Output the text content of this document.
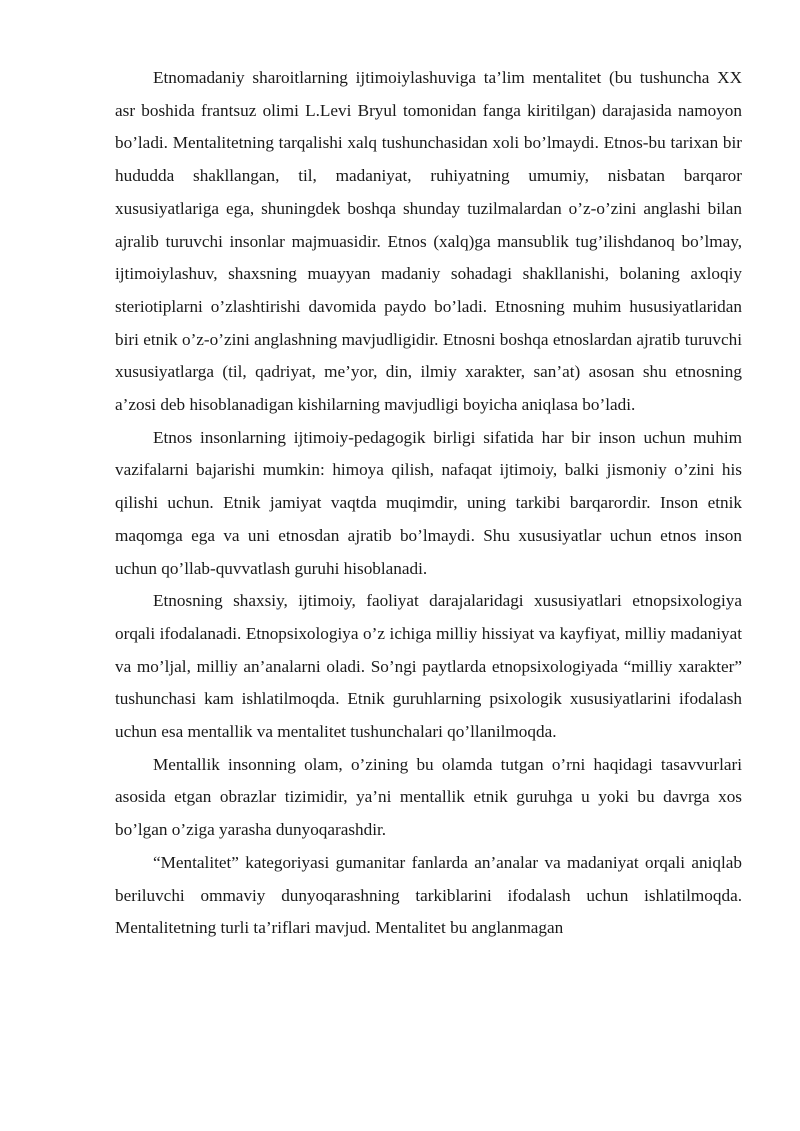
Etnomadaniy sharoitlarning ijtimoiylashuviga ta’lim mentalitet (bu tushuncha XX asr boshida frantsuz olimi L.Levi Bryul tomonidan fanga kiritilgan) darajasida namoyon bo’ladi. Mentalitetning tarqalishi xalq tushunchasidan xoli bo’lmaydi. Etnos-bu tarixan bir hududda shakllangan, til, madaniyat, ruhiyatning umumiy, nisbatan barqaror xususiyatlariga ega, shuningdek boshqa shunday tuzilmalardan o’z-o’zini anglashi bilan ajralib turuvchi insonlar majmuasidir. Etnos (xalq)ga mansublik tug’ilishdanoq bo’lmay, ijtimoiylashuv, shaxsning muayyan madaniy sohadagi shakllanishi, bolaning axloqiy steriotiplarni o’zlashtirishi davomida paydo bo’ladi. Etnosning muhim hususiyatlaridan biri etnik o’z-o’zini anglashning mavjudligidir. Etnosni boshqa etnoslardan ajratib turuvchi xususiyatlarga (til, qadriyat, me’yor, din, ilmiy xarakter, san’at) asosan shu etnosning a’zosi deb hisoblanadigan kishilarning mavjudligi boyicha aniqlasa bo’ladi.

Etnos insonlarning ijtimoiy-pedagogik birligi sifatida har bir inson uchun muhim vazifalarni bajarishi mumkin: himoya qilish, nafaqat ijtimoiy, balki jismoniy o’zini his qilishi uchun. Etnik jamiyat vaqtda muqimdir, uning tarkibi barqarordir. Inson etnik maqomga ega va uni etnosdan ajratib bo’lmaydi. Shu xususiyatlar uchun etnos inson uchun qo’llab-quvvatlash guruhi hisoblanadi.

Etnosning shaxsiy, ijtimoiy, faoliyat darajalaridagi xususiyatlari etnopsixologiya orqali ifodalanadi. Etnopsixologiya o’z ichiga milliy hissiyat va kayfiyat, milliy madaniyat va mo’ljal, milliy an’analarni oladi. So’ngi paytlarda etnopsixologiyada “milliy xarakter” tushunchasi kam ishlatilmoqda. Etnik guruhlarning psixologik xususiyatlarini ifodalash uchun esa mentallik va mentalitet tushunchalari qo’llanilmoqda.

Mentallik insonning olam, o’zining bu olamda tutgan o’rni haqidagi tasavvurlari asosida etgan obrazlar tizimidir, ya’ni mentallik etnik guruhga u yoki bu davrga xos bo’lgan o’ziga yarasha dunyoqarashdir.

“Mentalitet” kategoriyasi gumanitar fanlarda an’analar va madaniyat orqali aniqlab beriluvchi ommaviy dunyoqarashning tarkiblarini ifodalash uchun ishlatilmoqda. Mentalitetning turli ta’riflari mavjud. Mentalitet bu anglanmagan
